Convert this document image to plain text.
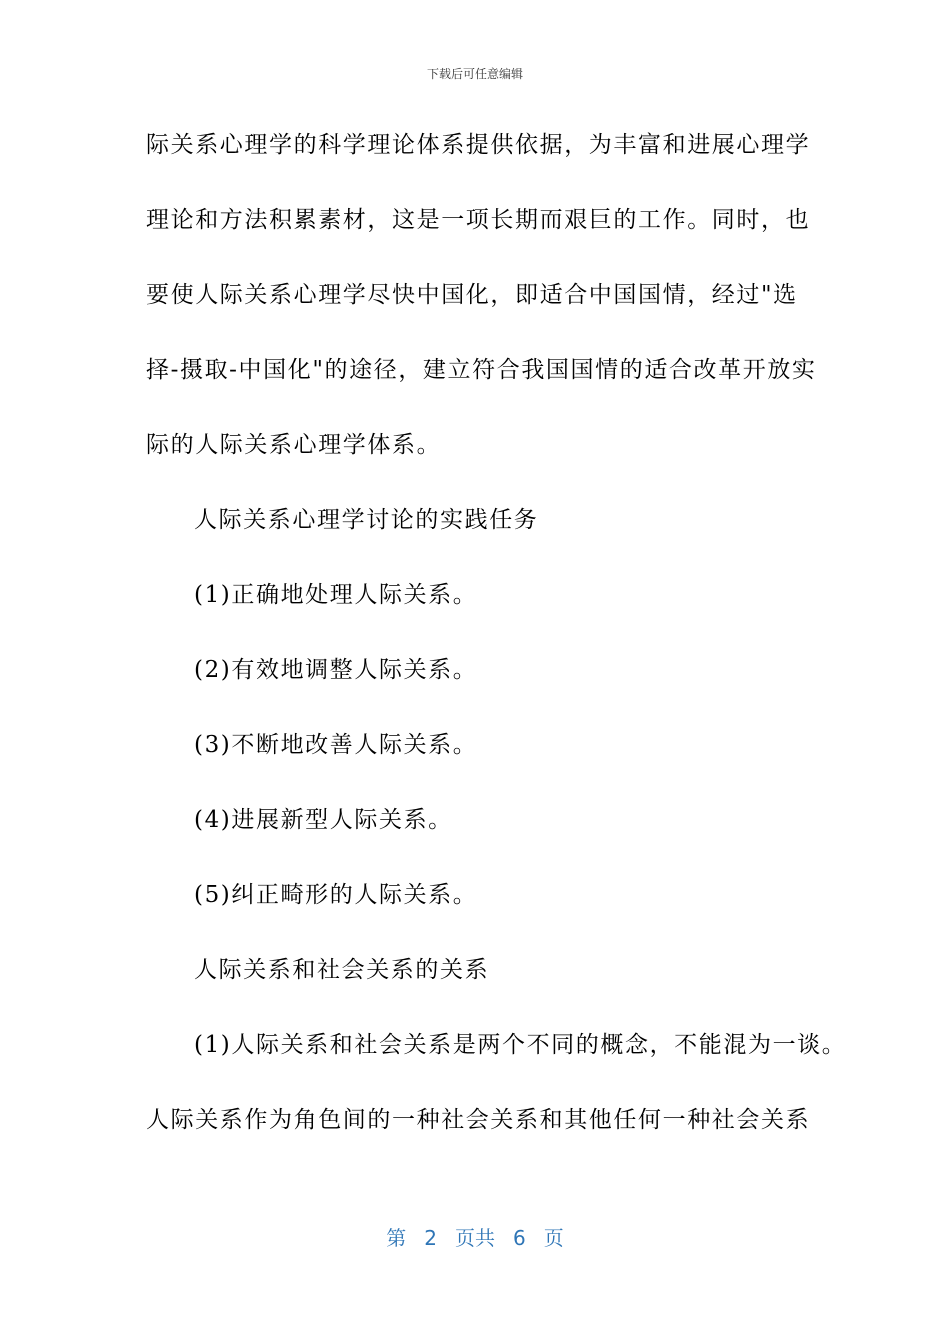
下载后可任意编辑
际关系心理学的科学理论体系提供依据，为丰富和进展心理学
理论和方法积累素材，这是一项长期而艰巨的工作。同时，也
要使人际关系心理学尽快中国化，即适合中国国情，经过"选
择-摄取-中国化"的途径，建立符合我国国情的适合改革开放实
际的人际关系心理学体系。
人际关系心理学讨论的实践任务
(1)正确地处理人际关系。
(2)有效地调整人际关系。
(3)不断地改善人际关系。
(4)进展新型人际关系。
(5)纠正畸形的人际关系。
人际关系和社会关系的关系
(1)人际关系和社会关系是两个不同的概念，不能混为一谈。
人际关系作为角色间的一种社会关系和其他任何一种社会关系
第 2 页共 6 页
